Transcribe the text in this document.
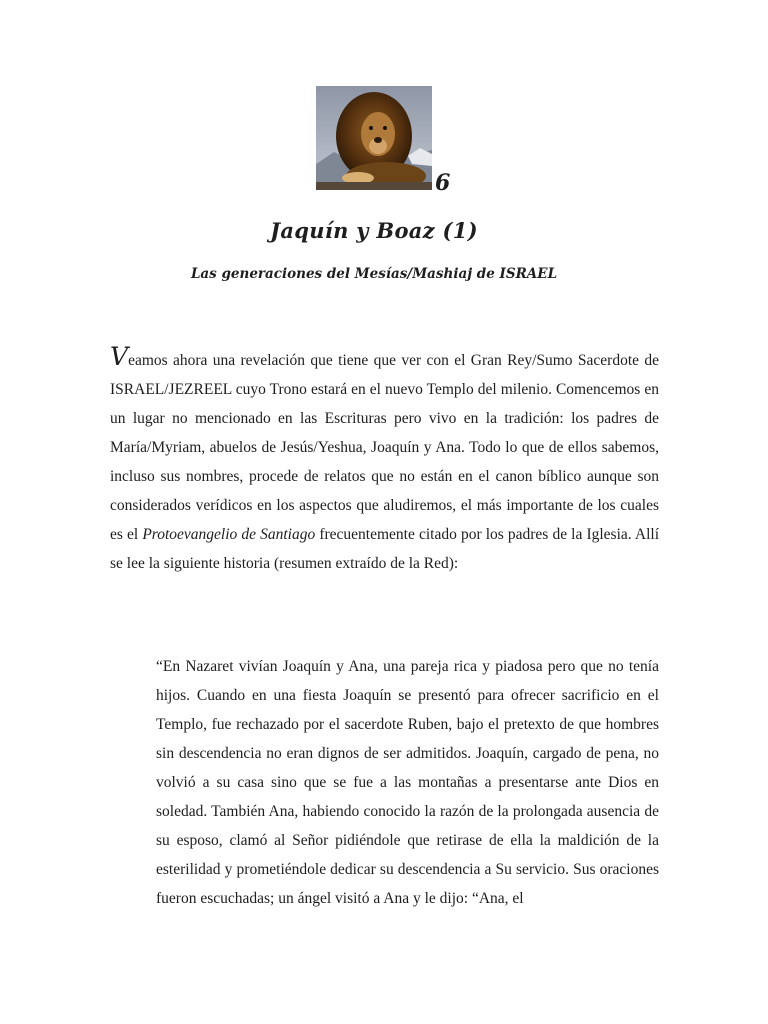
6
Jaquín y Boaz (1)
Las generaciones del Mesías/Mashiaj de ISRAEL
Veamos ahora una revelación que tiene que ver con el Gran Rey/Sumo Sacerdote de ISRAEL/JEZREEL cuyo Trono estará en el nuevo Templo del milenio. Comencemos en un lugar no mencionado en las Escrituras pero vivo en la tradición: los padres de María/Myriam, abuelos de Jesús/Yeshua, Joaquín y Ana. Todo lo que de ellos sabemos, incluso sus nombres, procede de relatos que no están en el canon bíblico aunque son considerados verídicos en los aspectos que aludiremos, el más importante de los cuales es el Protoevangelio de Santiago frecuentemente citado por los padres de la Iglesia. Allí se lee la siguiente historia (resumen extraído de la Red):
“En Nazaret vivían Joaquín y Ana, una pareja rica y piadosa pero que no tenía hijos. Cuando en una fiesta Joaquín se presentó para ofrecer sacrificio en el Templo, fue rechazado por el sacerdote Ruben, bajo el pretexto de que hombres sin descendencia no eran dignos de ser admitidos. Joaquín, cargado de pena, no volvió a su casa sino que se fue a las montañas a presentarse ante Dios en soledad. También Ana, habiendo conocido la razón de la prolongada ausencia de su esposo, clamó al Señor pidiéndole que retirase de ella la maldición de la esterilidad y prometiéndole dedicar su descendencia a Su servicio. Sus oraciones fueron escuchadas; un ángel visitó a Ana y le dijo: “Ana, el
